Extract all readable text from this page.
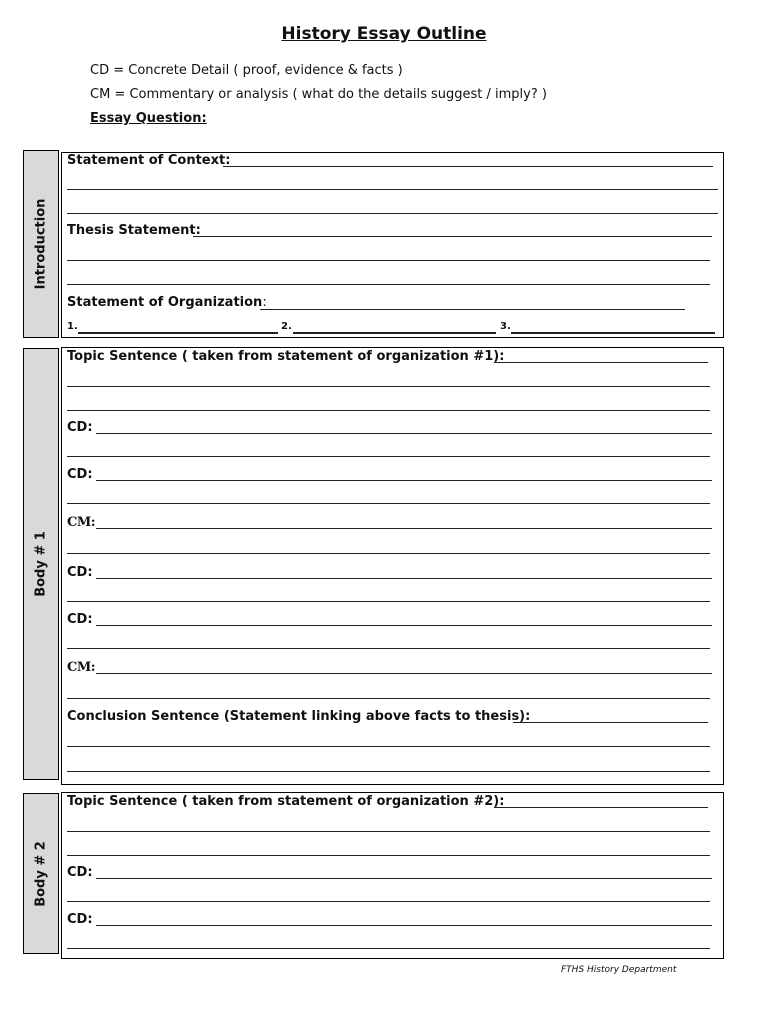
History Essay Outline
CD = Concrete Detail ( proof, evidence & facts )
CM = Commentary or analysis ( what do the details suggest / imply? )
Essay Question:
Introduction
Statement of Context:
Thesis Statement:
Statement of Organization:
1.	2.	3.
Body # 1
Topic Sentence ( taken from statement of organization #1):
CD:
CD:
CM:
CD:
CD:
CM:
Conclusion Sentence (Statement linking above facts to thesis):
Body # 2
Topic Sentence ( taken from statement of organization #2):
CD:
CD:
FTHS History Department
